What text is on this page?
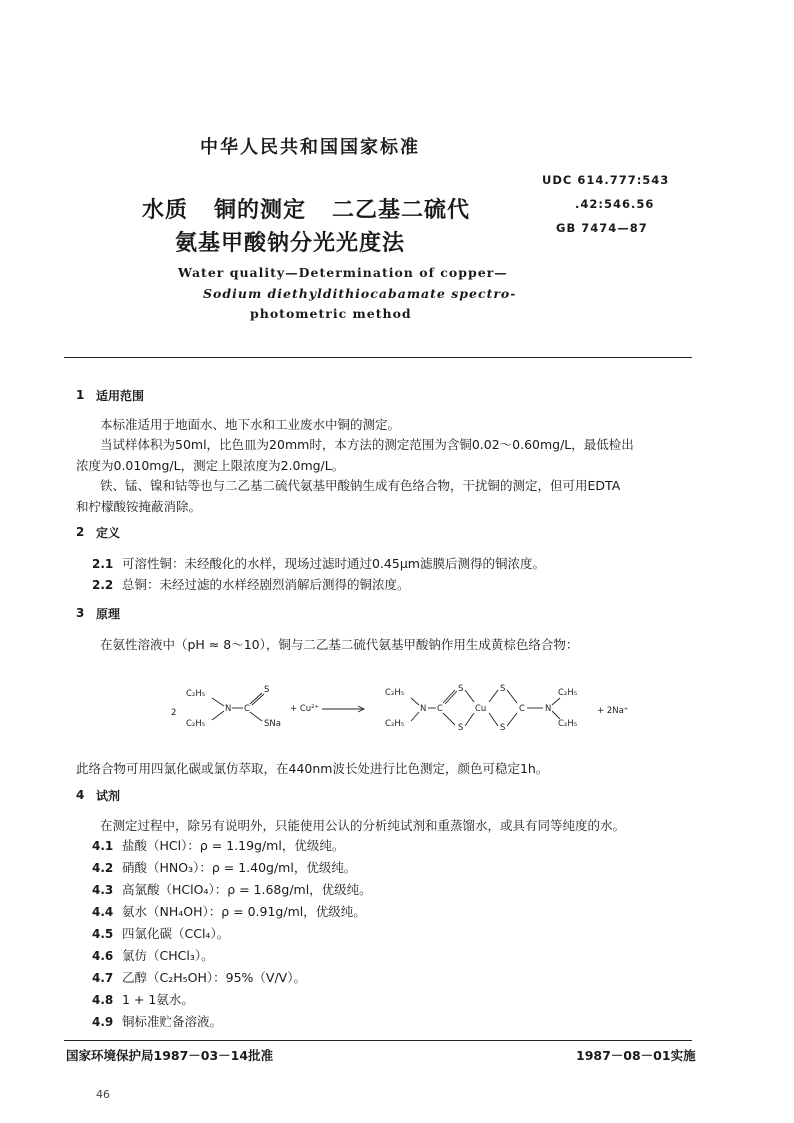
中华人民共和国国家标准
水质   铜的测定   二乙基二硫代
氨基甲酸钠分光光度法
UDC 614.777:543
.42:546.56
GB 7474—87
Water quality—Determination of copper—
Sodium diethyldithiocabamate spectro-
photometric method
1 适用范围
本标准适用于地面水、地下水和工业废水中铜的测定。
当试样体积为50ml，比色皿为20mm时，本方法的测定范围为含铜0.02～0.60mg/L，最低检出
浓度为0.010mg/L，测定上限浓度为2.0mg/L。
铁、锰、镍和钴等也与二乙基二硫代氨基甲酸钠生成有色络合物，干扰铜的测定，但可用EDTA
和柠檬酸铵掩蔽消除。
2 定义
2.1 可溶性铜：未经酸化的水样，现场过滤时通过0.45μm滤膜后测得的铜浓度。
2.2 总铜：未经过滤的水样经剧烈消解后测得的铜浓度。
3 原理
在氨性溶液中（pH ≈ 8～10），铜与二乙基二硫代氨基甲酸钠作用生成黄棕色络合物：
2
C₂H₅
C₂H₅
N C
S
SNa
+ Cu²⁺
C₂H₅
C₂H₅
N C
S
S
Cu
S
S
C N
C₂H₅
C₂H₅
+ 2Na⁺
此络合物可用四氯化碳或氯仿萃取，在440nm波长处进行比色测定，颜色可稳定1h。
4 试剂
在测定过程中，除另有说明外，只能使用公认的分析纯试剂和重蒸馏水，或具有同等纯度的水。
4.1 盐酸（HCl）：ρ = 1.19g/ml，优级纯。
4.2 硝酸（HNO₃）：ρ = 1.40g/ml，优级纯。
4.3 高氯酸（HClO₄）：ρ = 1.68g/ml，优级纯。
4.4 氨水（NH₄OH）：ρ = 0.91g/ml，优级纯。
4.5 四氯化碳（CCl₄）。
4.6 氯仿（CHCl₃）。
4.7 乙醇（C₂H₅OH）：95%（V/V）。
4.8 1 + 1氨水。
4.9 铜标准贮备溶液。
国家环境保护局1987－03－14批准	1987－08－01实施
46
